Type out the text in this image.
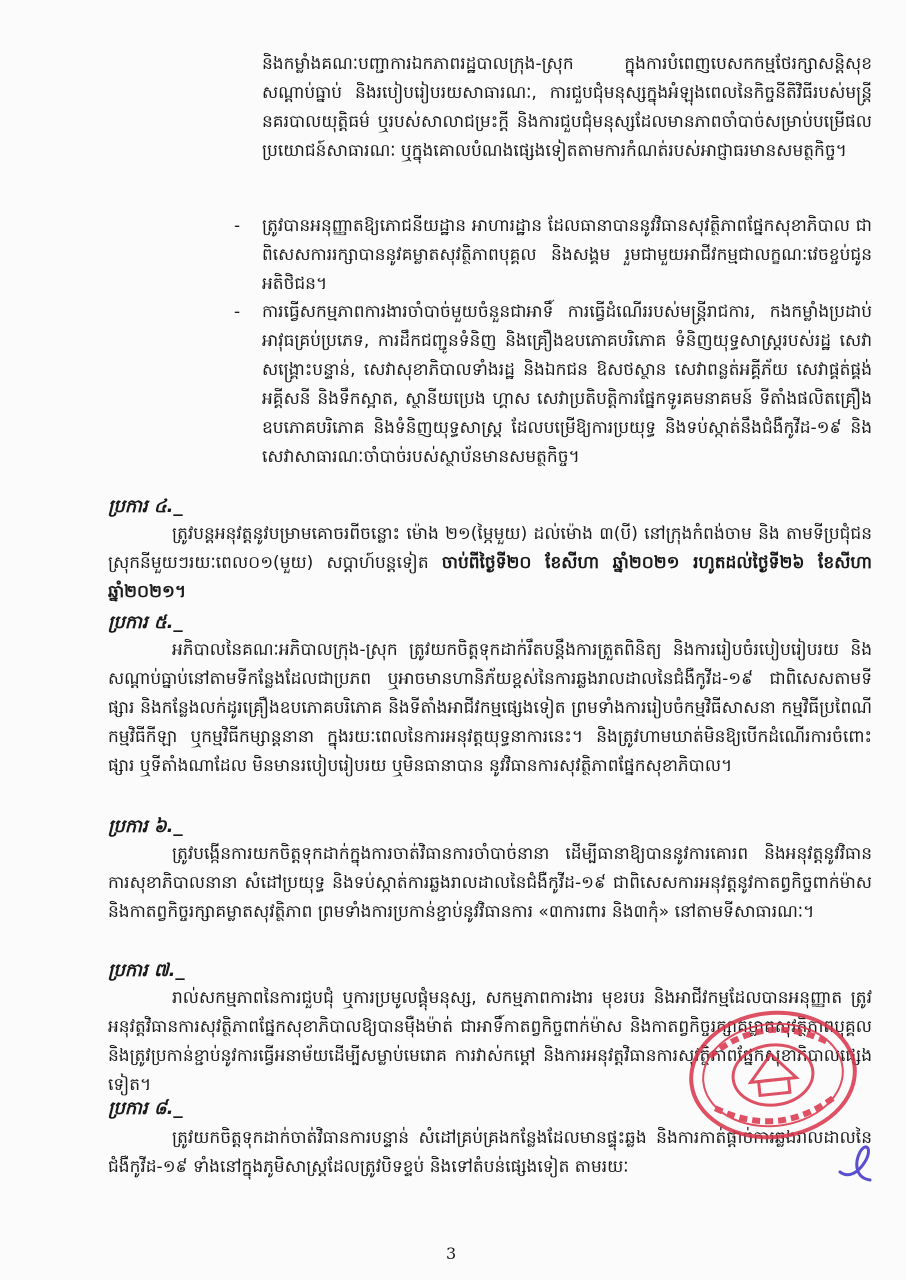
និងកម្លាំងគណៈបញ្ជាការឯកភាពរដ្ឋបាលក្រុង-ស្រុក ក្នុងការបំពេញបេសកកម្មថែរក្សាសន្តិសុខ សណ្តាប់ធ្នាប់ និងរបៀបរៀបរយសាធារណៈ, ការជួបជុំមនុស្សក្នុងអំឡុងពេលនៃកិច្ចនីតិវិធីរបស់មន្ត្រីនគរបាលយុត្តិធម៌ ឬរបស់សាលាជម្រះក្តី និងការជួបជុំមនុស្សដែលមានភាពចាំបាច់សម្រាប់បម្រើផលប្រយោជន៍សាធារណៈ ឬក្នុងគោលបំណងផ្សេងទៀតតាមការកំណត់របស់អាជ្ញាធរមានសមត្ថកិច្ច។
- ត្រូវបានអនុញ្ញាតឱ្យភោជនីយដ្ឋាន អាហារដ្ឋាន ដែលធានាបាននូវវិធានសុវត្ថិភាពផ្នែកសុខាភិបាល ជាពិសេសការរក្សាបាននូវគម្លាតសុវត្ថិភាពបុគ្គល និងសង្គម រួមជាមួយអាជីវកម្មជាលក្ខណៈវេចខ្ចប់ជូនអតិថិជន។
- ការធ្វើសកម្មភាពការងារចាំបាច់មួយចំនួនជាអាទិ៍ ការធ្វើដំណើររបស់មន្ត្រីរាជការ, កងកម្លាំងប្រដាប់អាវុធគ្រប់ប្រភេទ, ការដឹកជញ្ជូនទំនិញ និងគ្រឿងឧបភោគបរិភោគ ទំនិញយុទ្ធសាស្ត្ររបស់រដ្ឋ សេវាសង្គ្រោះបន្ទាន់, សេវាសុខាភិបាលទាំងរដ្ឋ និងឯកជន ឱសថស្ថាន សេវាពន្លត់អគ្គីភ័យ សេវាផ្គត់ផ្គង់អគ្គីសនី និងទឹកស្អាត, ស្ថានីយប្រេង ហ្គាស សេវាប្រតិបត្តិការផ្នែកទូរគមនាគមន៍ ទីតាំងផលិតគ្រឿងឧបភោគបរិភោគ និងទំនិញយុទ្ធសាស្ត្រ ដែលបម្រើឱ្យការប្រយុទ្ធ និងទប់ស្កាត់នឹងជំងឺកូវីដ-១៩ និងសេវាសាធារណៈចាំបាច់របស់ស្ថាប័នមានសមត្ថកិច្ច។
ប្រការ ៤._
ត្រូវបន្តអនុវត្តនូវបម្រាមគោចរពីចន្លោះ ម៉ោង ២១(ម្ភៃមួយ) ដល់ម៉ោង ៣(បី) នៅក្រុងកំពង់ចាម និង តាមទីប្រជុំជនស្រុកនីមួយៗរយៈពេល០១(មួយ) សប្តាហ៍បន្តទៀត ចាប់ពីថ្ងៃទី២០ ខែសីហា ឆ្នាំ២០២១ រហូតដល់ថ្ងៃទី២៦ ខែសីហា ឆ្នាំ២០២១។
ប្រការ ៥._
អភិបាលនៃគណៈអភិបាលក្រុង-ស្រុក ត្រូវយកចិត្តទុកដាក់រឹតបន្តឹងការត្រួតពិនិត្យ និងការរៀបចំរបៀបរៀបរយ និងសណ្តាប់ធ្នាប់នៅតាមទីកន្លែងដែលជាប្រភព ឬអាចមានហានិភ័យខ្ពស់នៃការឆ្លងរាលដាលនៃជំងឺកូវីដ-១៩ ជាពិសេសតាមទីផ្សារ និងកន្លែងលក់ដូរគ្រឿងឧបភោគបរិភោគ និងទីតាំងអាជីវកម្មផ្សេងទៀត ព្រមទាំងការរៀបចំកម្មវិធីសាសនា កម្មវិធីប្រពៃណី កម្មវិធីកីឡា ឬកម្មវិធីកម្សាន្តនានា ក្នុងរយៈពេលនៃការអនុវត្តយុទ្ធនាការនេះ។ និងត្រូវហាមឃាត់មិនឱ្យបើកដំណើរការចំពោះផ្សារ ឬទីតាំងណាដែល មិនមានរបៀបរៀបរយ ឬមិនធានាបាន នូវវិធានការសុវត្ថិភាពផ្នែកសុខាភិបាល។
ប្រការ ៦._
ត្រូវបង្កើនការយកចិត្តទុកដាក់ក្នុងការចាត់វិធានការចាំបាច់នានា ដើម្បីធានាឱ្យបាននូវការគោរព និងអនុវត្តនូវវិធានការសុខាភិបាលនានា សំដៅប្រយុទ្ធ និងទប់ស្កាត់ការឆ្លងរាលដាលនៃជំងឺកូវីដ-១៩ ជាពិសេសការអនុវត្តនូវកាតព្វកិច្ចពាក់ម៉ាស និងកាតព្វកិច្ចរក្សាគម្លាតសុវត្ថិភាព ព្រមទាំងការប្រកាន់ខ្ជាប់នូវវិធានការ «៣ការពារ និង៣កុំ» នៅតាមទីសាធារណៈ។
ប្រការ ៧._
រាល់សកម្មភាពនៃការជួបជុំ ឬការប្រមូលផ្តុំមនុស្ស, សកម្មភាពការងារ មុខរបរ និងអាជីវកម្មដែលបានអនុញ្ញាត ត្រូវអនុវត្តវិធានការសុវត្ថិភាពផ្នែកសុខាភិបាលឱ្យបានម៉ឺងម៉ាត់ ជាអាទិ៍កាតព្វកិច្ចពាក់ម៉ាស និងកាតព្វកិច្ចរក្សាគម្លាតសុវត្ថិភាពបុគ្គល និងត្រូវប្រកាន់ខ្ជាប់នូវការធ្វើអនាម័យដើម្បីសម្លាប់មេរោគ ការវាស់កម្តៅ និងការអនុវត្តវិធានការសុវត្ថិភាពផ្នែកសុខាភិបាលផ្សេងទៀត។
ប្រការ ៨._
ត្រូវយកចិត្តទុកដាក់ចាត់វិធានការបន្ទាន់ សំដៅគ្រប់គ្រងកន្លែងដែលមានផ្ទុះឆ្លង និងការកាត់ផ្តាច់ការឆ្លងរាលដាលនៃជំងឺកូវីដ-១៩ ទាំងនៅក្នុងភូមិសាស្ត្រដែលត្រូវបិទខ្ទប់ និងទៅតំបន់ផ្សេងទៀត តាមរយៈ
3
